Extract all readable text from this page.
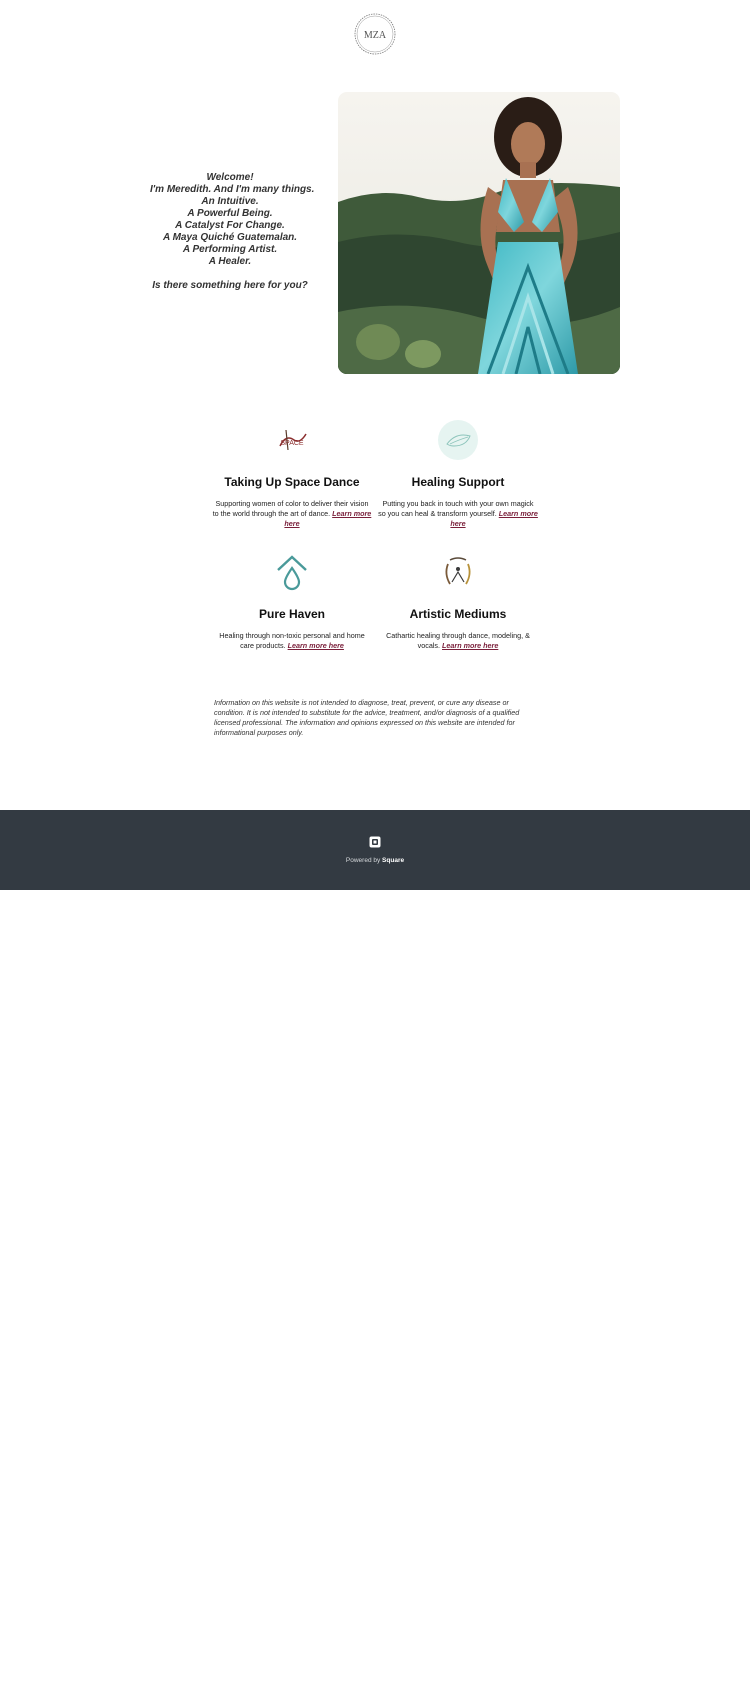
MZA
Welcome!
I'm Meredith. And I'm many things.
An Intuitive.
A Powerful Being.
A Catalyst For Change.
A Maya Quiché Guatemalan.
A Performing Artist.
A Healer.
Is there something here for you?
SPACE
Taking Up Space Dance

Supporting women of color to deliver their vision to the world through the art of dance. Learn more here

Healing Support

Putting you back in touch with your own magick so you can heal & transform yourself. Learn more here

Pure Haven

Healing through non-toxic personal and home care products. Learn more here

Artistic Mediums

Cathartic healing through dance, modeling, & vocals. Learn more here

Information on this website is not intended to diagnose, treat, prevent, or cure any disease or condition. It is not intended to substitute for the advice, treatment, and/or diagnosis of a qualified licensed professional. The information and opinions expressed on this website are intended for informational purposes only.

Powered by Square
